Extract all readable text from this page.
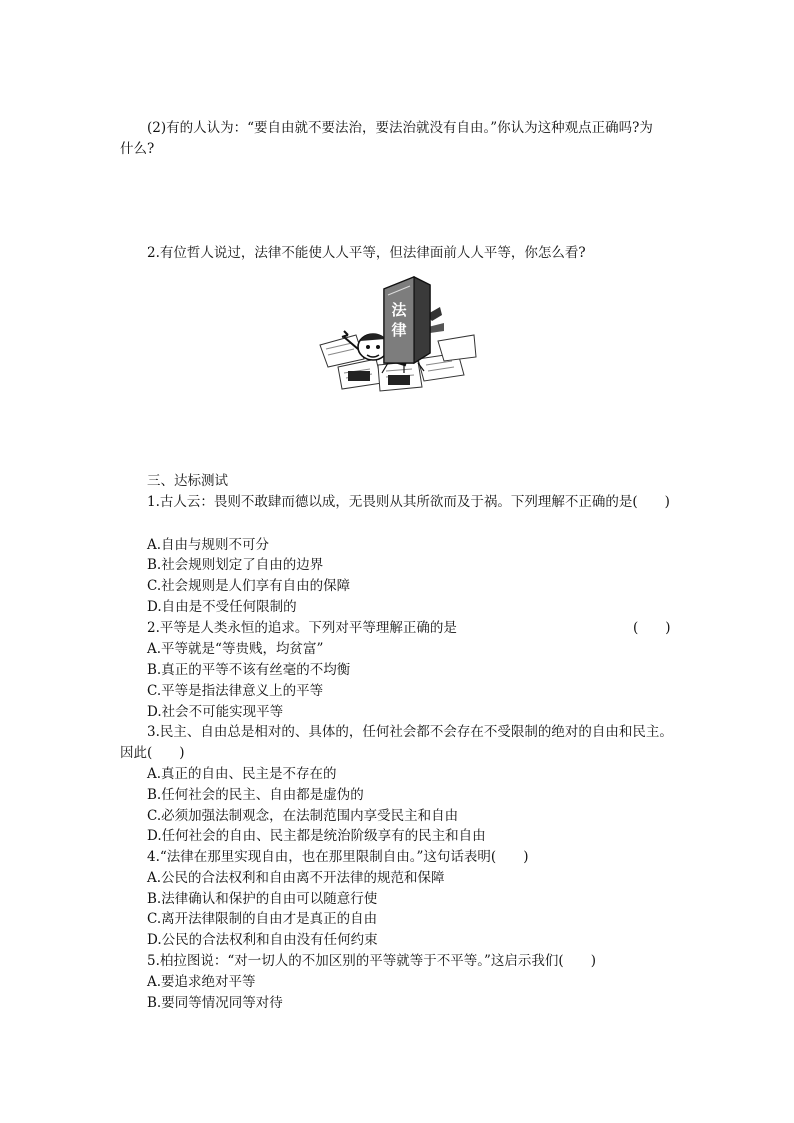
(2)有的人认为：“要自由就不要法治，要法治就没有自由。”你认为这种观点正确吗?为
什么?
2.有位哲人说过，法律不能使人人平等，但法律面前人人平等，你怎么看?
法
律
三、达标测试
1.古人云：畏则不敢肆而德以成，无畏则从其所欲而及于祸。下列理解不正确的是(　　)
A.自由与规则不可分
B.社会规则划定了自由的边界
C.社会规则是人们享有自由的保障
D.自由是不受任何限制的
2.平等是人类永恒的追求。下列对平等理解正确的是	(　　)
A.平等就是“等贵贱，均贫富”
B.真正的平等不该有丝毫的不均衡
C.平等是指法律意义上的平等
D.社会不可能实现平等
3.民主、自由总是相对的、具体的，任何社会都不会存在不受限制的绝对的自由和民主。
因此(　　)
A.真正的自由、民主是不存在的
B.任何社会的民主、自由都是虚伪的
C.必须加强法制观念，在法制范围内享受民主和自由
D.任何社会的自由、民主都是统治阶级享有的民主和自由
4.“法律在那里实现自由，也在那里限制自由。”这句话表明(　　)
A.公民的合法权利和自由离不开法律的规范和保障
B.法律确认和保护的自由可以随意行使
C.离开法律限制的自由才是真正的自由
D.公民的合法权利和自由没有任何约束
5.柏拉图说：“对一切人的不加区别的平等就等于不平等。”这启示我们(　　)
A.要追求绝对平等
B.要同等情况同等对待
